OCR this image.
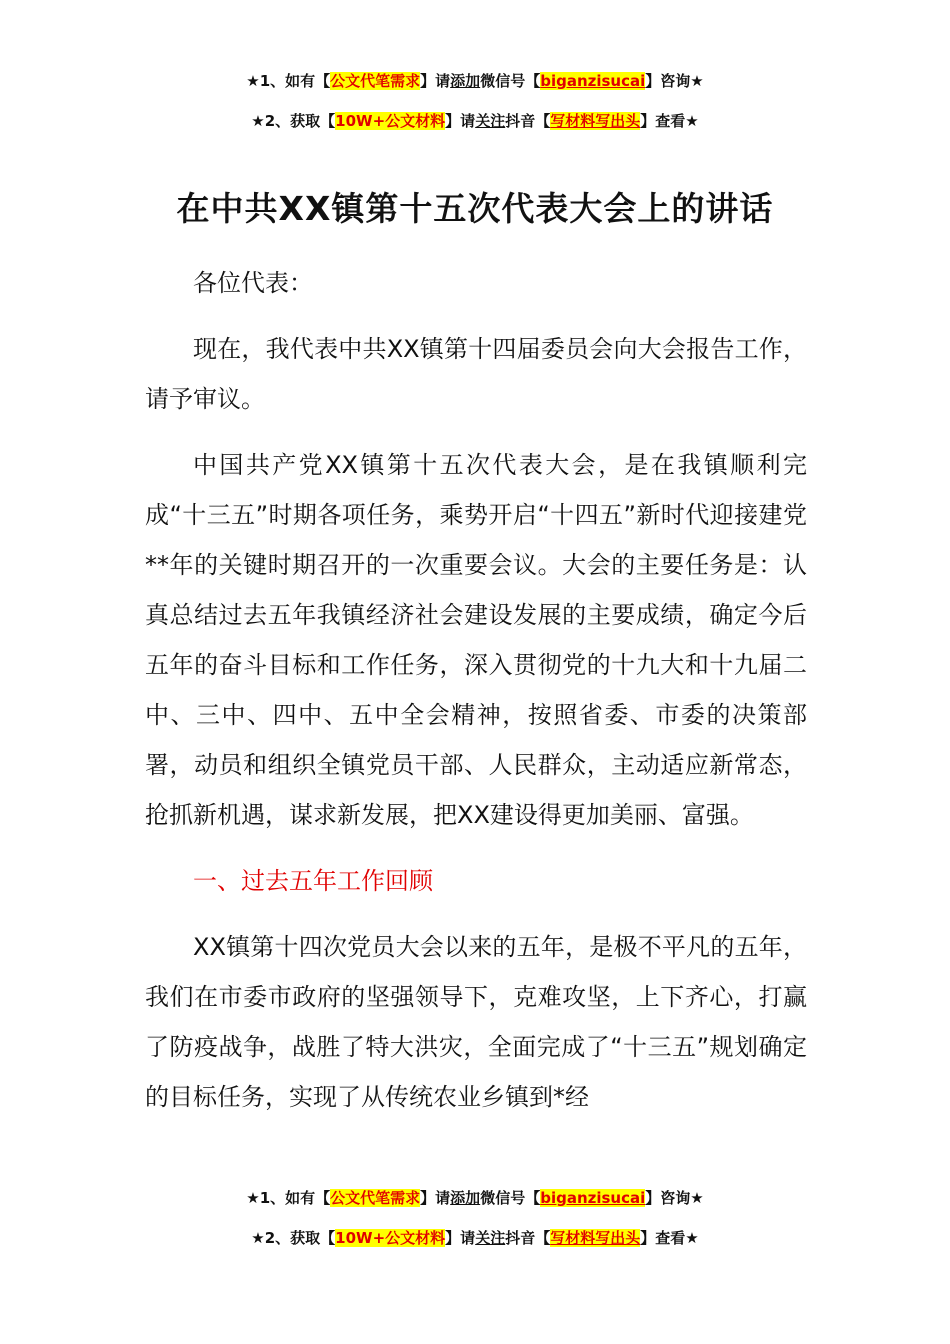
★1、如有【公文代笔需求】请添加微信号【biganzisucai】咨询★
★2、获取【10W+公文材料】请关注抖音【写材料写出头】查看★
在中共XX镇第十五次代表大会上的讲话

各位代表：

现在，我代表中共XX镇第十四届委员会向大会报告工作，请予审议。

中国共产党XX镇第十五次代表大会，是在我镇顺利完成“十三五”时期各项任务，乘势开启“十四五”新时代迎接建党**年的关键时期召开的一次重要会议。大会的主要任务是：认真总结过去五年我镇经济社会建设发展的主要成绩，确定今后五年的奋斗目标和工作任务，深入贯彻党的十九大和十九届二中、三中、四中、五中全会精神，按照省委、市委的决策部署，动员和组织全镇党员干部、人民群众，主动适应新常态，抢抓新机遇，谋求新发展，把XX建设得更加美丽、富强。

一、过去五年工作回顾

XX镇第十四次党员大会以来的五年，是极不平凡的五年，我们在市委市政府的坚强领导下，克难攻坚，上下齐心，打赢了防疫战争，战胜了特大洪灾，全面完成了“十三五”规划确定的目标任务，实现了从传统农业乡镇到*经

★1、如有【公文代笔需求】请添加微信号【biganzisucai】咨询★
★2、获取【10W+公文材料】请关注抖音【写材料写出头】查看★
